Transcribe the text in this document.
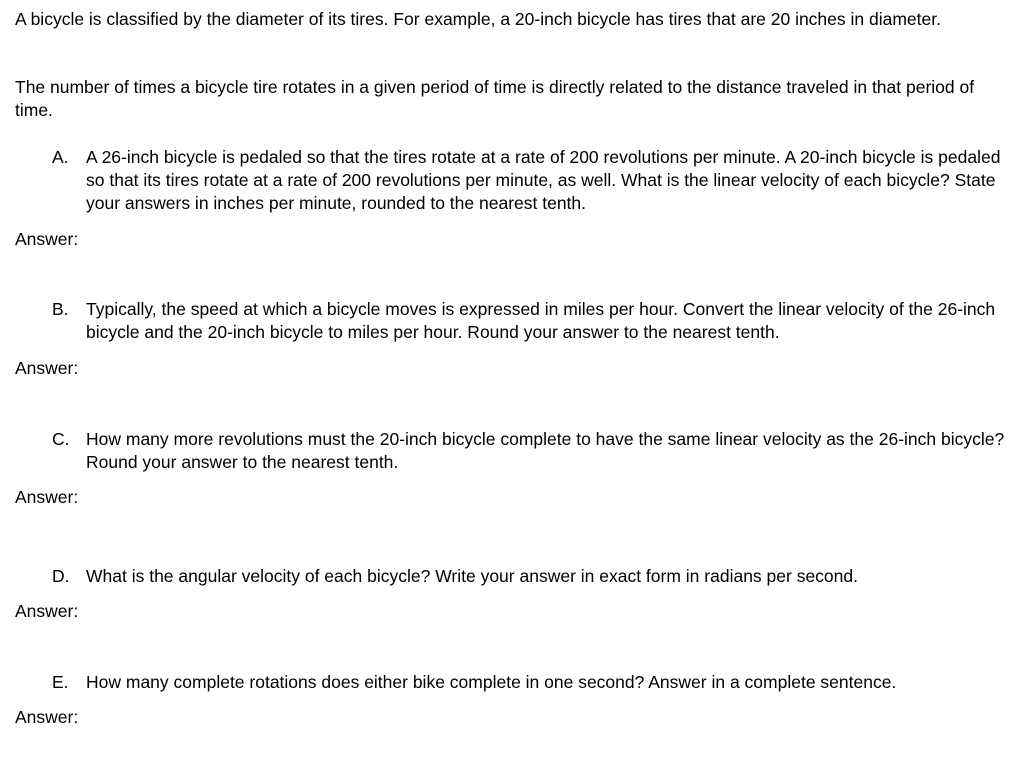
A bicycle is classified by the diameter of its tires. For example, a 20-inch bicycle has tires that are 20 inches in diameter.

The number of times a bicycle tire rotates in a given period of time is directly related to the distance traveled in that period of time.

A. A 26-inch bicycle is pedaled so that the tires rotate at a rate of 200 revolutions per minute. A 20-inch bicycle is pedaled so that its tires rotate at a rate of 200 revolutions per minute, as well. What is the linear velocity of each bicycle? State your answers in inches per minute, rounded to the nearest tenth.

Answer:

B. Typically, the speed at which a bicycle moves is expressed in miles per hour. Convert the linear velocity of the 26-inch bicycle and the 20-inch bicycle to miles per hour. Round your answer to the nearest tenth.

Answer:

C. How many more revolutions must the 20-inch bicycle complete to have the same linear velocity as the 26-inch bicycle? Round your answer to the nearest tenth.

Answer:

D. What is the angular velocity of each bicycle? Write your answer in exact form in radians per second.

Answer:

E. How many complete rotations does either bike complete in one second? Answer in a complete sentence.

Answer:
